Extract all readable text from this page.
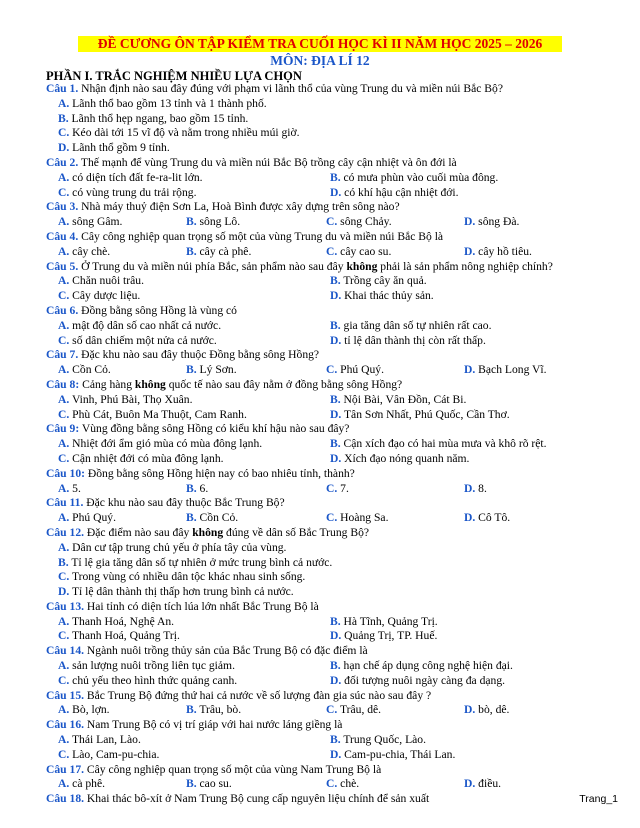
ĐỀ CƯƠNG ÔN TẬP KIỂM TRA CUỐI HỌC KÌ II NĂM HỌC 2025 – 2026
MÔN: ĐỊA LÍ 12
PHẦN I. TRẮC NGHIỆM NHIỀU LỰA CHỌN
Câu 1. Nhận định nào sau đây đúng với phạm vi lãnh thổ của vùng Trung du và miền núi Bắc Bộ?
A. Lãnh thổ bao gồm 13 tỉnh và 1 thành phố.
B. Lãnh thổ hẹp ngang, bao gồm 15 tỉnh.
C. Kéo dài tới 15 vĩ độ và nằm trong nhiều múi giờ.
D. Lãnh thổ gồm 9 tỉnh.
Câu 2. Thế mạnh để vùng Trung du và miền núi Bắc Bộ trồng cây cận nhiệt và ôn đới là
A. có diện tích đất fe-ra-lit lớn.	B. có mưa phùn vào cuối mùa đông.
C. có vùng trung du trải rộng.	D. có khí hậu cận nhiệt đới.
Câu 3. Nhà máy thuỷ điện Sơn La, Hoà Bình được xây dựng trên sông nào?
A. sông Gâm.	B. sông Lô.	C. sông Chảy.	D. sông Đà.
Câu 4. Cây công nghiệp quan trọng số một của vùng Trung du và miền núi Bắc Bộ là
A. cây chè.	B. cây cà phê.	C. cây cao su.	D. cây hồ tiêu.
Câu 5. Ở Trung du và miền núi phía Bắc, sản phẩm nào sau đây không phải là sản phẩm nông nghiệp chính?
A. Chăn nuôi trâu.	B. Trồng cây ăn quả.
C. Cây dược liệu.	D. Khai thác thủy sản.
Câu 6. Đồng bằng sông Hồng là vùng có
A. mật độ dân số cao nhất cả nước.	B. gia tăng dân số tự nhiên rất cao.
C. số dân chiếm một nửa cả nước.	D. tỉ lệ dân thành thị còn rất thấp.
Câu 7. Đặc khu nào sau đây thuộc Đồng bằng sông Hồng?
A. Cồn Cỏ.	B. Lý Sơn.	C. Phú Quý.	D. Bạch Long Vĩ.
Câu 8: Cảng hàng không quốc tế nào sau đây nằm ở đồng bằng sông Hồng?
A. Vinh, Phú Bài, Thọ Xuân.	B. Nội Bài, Vân Đồn, Cát Bi.
C. Phù Cát, Buôn Ma Thuột, Cam Ranh.	D. Tân Sơn Nhất, Phú Quốc, Cần Thơ.
Câu 9: Vùng đồng bằng sông Hồng có kiểu khí hậu nào sau đây?
A. Nhiệt đới ẩm gió mùa có mùa đông lạnh.	B. Cận xích đạo có hai mùa mưa và khô rõ rệt.
C. Cận nhiệt đới có mùa đông lạnh.	D. Xích đạo nóng quanh năm.
Câu 10: Đồng bằng sông Hồng hiện nay có bao nhiêu tỉnh, thành?
A. 5.	B. 6.	C. 7.	D. 8.
Câu 11. Đặc khu nào sau đây thuộc Bắc Trung Bộ?
A. Phú Quý.	B. Cồn Cỏ.	C. Hoàng Sa.	D. Cô Tô.
Câu 12. Đặc điểm nào sau đây không đúng về dân số Bắc Trung Bộ?
A. Dân cư tập trung chủ yếu ở phía tây của vùng.
B. Tỉ lệ gia tăng dân số tự nhiên ở mức trung bình cả nước.
C. Trong vùng có nhiều dân tộc khác nhau sinh sống.
D. Tỉ lệ dân thành thị thấp hơn trung bình cả nước.
Câu 13. Hai tỉnh có diện tích lúa lớn nhất Bắc Trung Bộ là
A. Thanh Hoá, Nghệ An.	B. Hà Tĩnh, Quảng Trị.
C. Thanh Hoá, Quảng Trị.	D. Quảng Trị, TP. Huế.
Câu 14. Ngành nuôi trồng thủy sản của Bắc Trung Bộ có đặc điểm là
A. sản lượng nuôi trồng liên tục giảm.	B. hạn chế áp dụng công nghệ hiện đại.
C. chủ yếu theo hình thức quảng canh.	D. đối tượng nuôi ngày càng đa dạng.
Câu 15. Bắc Trung Bộ đứng thứ hai cả nước về số lượng đàn gia súc nào sau đây ?
A. Bò, lợn.	B. Trâu, bò.	C. Trâu, dê.	D. bò, dê.
Câu 16. Nam Trung Bộ có vị trí giáp với hai nước láng giềng là
A. Thái Lan, Lào.	B. Trung Quốc, Lào.
C. Lào, Cam-pu-chia.	D. Cam-pu-chia, Thái Lan.
Câu 17. Cây công nghiệp quan trọng số một của vùng Nam Trung Bộ là
A. cà phê.	B. cao su.	C. chè.	D. điều.
Câu 18. Khai thác bô-xít ở Nam Trung Bộ cung cấp nguyên liệu chính để sản xuất	Trang_1
